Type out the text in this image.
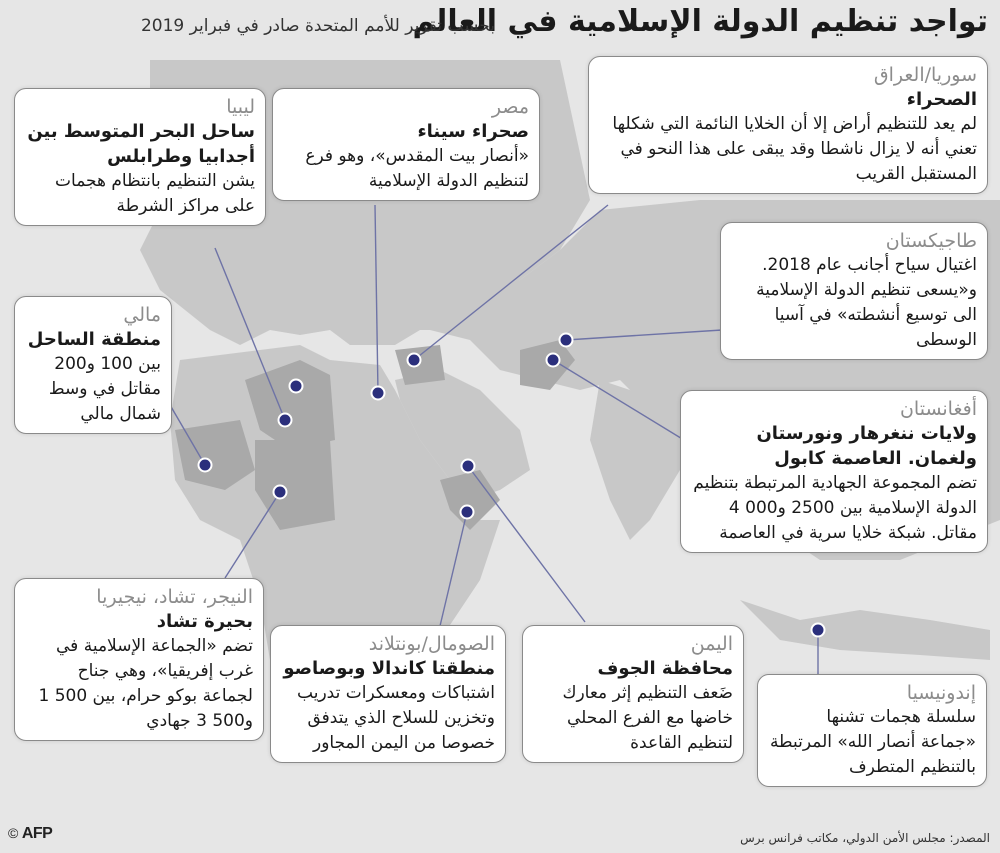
تواجد تنظيم الدولة الإسلامية في العالم
بحسب تقرير للأمم المتحدة صادر في فبراير 2019
سوريا/العراق
الصحراء
لم يعد للتنظيم أراض إلا أن الخلايا النائمة التي شكلها تعني أنه لا يزال ناشطا وقد يبقى على هذا النحو في المستقبل القريب
طاجيكستان
اغتيال سياح أجانب عام 2018. و«يسعى تنظيم الدولة الإسلامية الى توسيع أنشطته» في آسيا الوسطى
أفغانستان
ولايات ننغرهار ونورستان ولغمان. العاصمة كابول
تضم المجموعة الجهادية المرتبطة بتنظيم الدولة الإسلامية بين 2500 و000 4 مقاتل. شبكة خلايا سرية في العاصمة
إندونيسيا
سلسلة هجمات تشنها «جماعة أنصار الله» المرتبطة بالتنظيم المتطرف
اليمن
محافظة الجوف
ضَعف التنظيم إثر معارك خاضها مع الفرع المحلي لتنظيم القاعدة
الصومال/بونتلاند
منطقتا كاندالا وبوصاصو
اشتباكات ومعسكرات تدريب وتخزين للسلاح الذي يتدفق خصوصا من اليمن المجاور
النيجر، تشاد، نيجيريا
بحيرة تشاد
تضم «الجماعة الإسلامية في غرب إفريقيا»، وهي جناح لجماعة بوكو حرام، بين 500 1 و500 3 جهادي
مالي
منطقة الساحل
بين 100 و200 مقاتل في وسط شمال مالي
ليبيا
ساحل البحر المتوسط بين أجدابيا وطرابلس
يشن التنظيم بانتظام هجمات على مراكز الشرطة
مصر
صحراء سيناء
«أنصار بيت المقدس»، وهو فرع لتنظيم الدولة الإسلامية
المصدر: مجلس الأمن الدولي، مكاتب فرانس برس
© AFP
